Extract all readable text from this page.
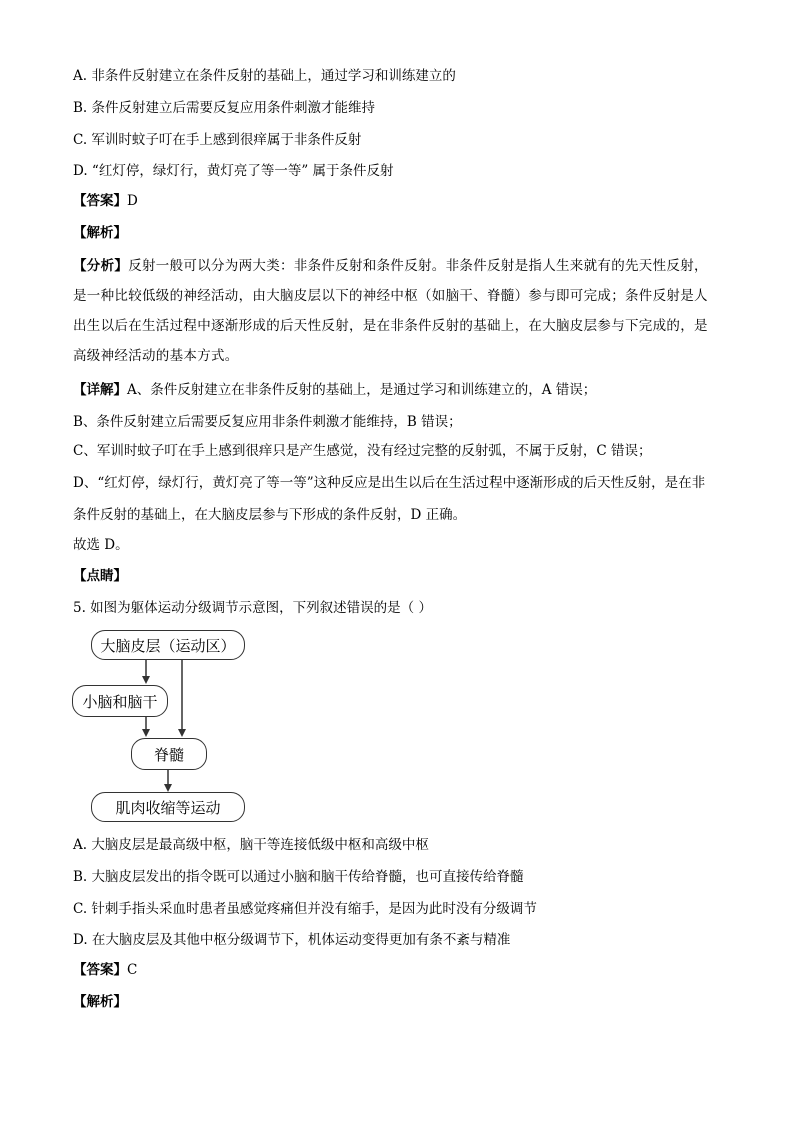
A. 非条件反射建立在条件反射的基础上，通过学习和训练建立的
B. 条件反射建立后需要反复应用条件刺激才能维持
C. 军训时蚊子叮在手上感到很痒属于非条件反射
D. “红灯停，绿灯行，黄灯亮了等一等” 属于条件反射
【答案】D
【解析】
【分析】反射一般可以分为两大类：非条件反射和条件反射。非条件反射是指人生来就有的先天性反射，
是一种比较低级的神经活动，由大脑皮层以下的神经中枢（如脑干、脊髓）参与即可完成；条件反射是人
出生以后在生活过程中逐渐形成的后天性反射，是在非条件反射的基础上，在大脑皮层参与下完成的，是
高级神经活动的基本方式。
【详解】A、条件反射建立在非条件反射的基础上，是通过学习和训练建立的，A 错误；
B、条件反射建立后需要反复应用非条件刺激才能维持，B 错误；
C、军训时蚊子叮在手上感到很痒只是产生感觉，没有经过完整的反射弧，不属于反射，C 错误；
D、“红灯停，绿灯行，黄灯亮了等一等”这种反应是出生以后在生活过程中逐渐形成的后天性反射，是在非
条件反射的基础上，在大脑皮层参与下形成的条件反射，D 正确。
故选 D。
【点睛】
5. 如图为躯体运动分级调节示意图，下列叙述错误的是（ ）
大脑皮层（运动区）
小脑和脑干
脊髓
肌肉收缩等运动
A. 大脑皮层是最高级中枢，脑干等连接低级中枢和高级中枢
B. 大脑皮层发出的指令既可以通过小脑和脑干传给脊髓，也可直接传给脊髓
C. 针刺手指头采血时患者虽感觉疼痛但并没有缩手，是因为此时没有分级调节
D. 在大脑皮层及其他中枢分级调节下，机体运动变得更加有条不紊与精准
【答案】C
【解析】
